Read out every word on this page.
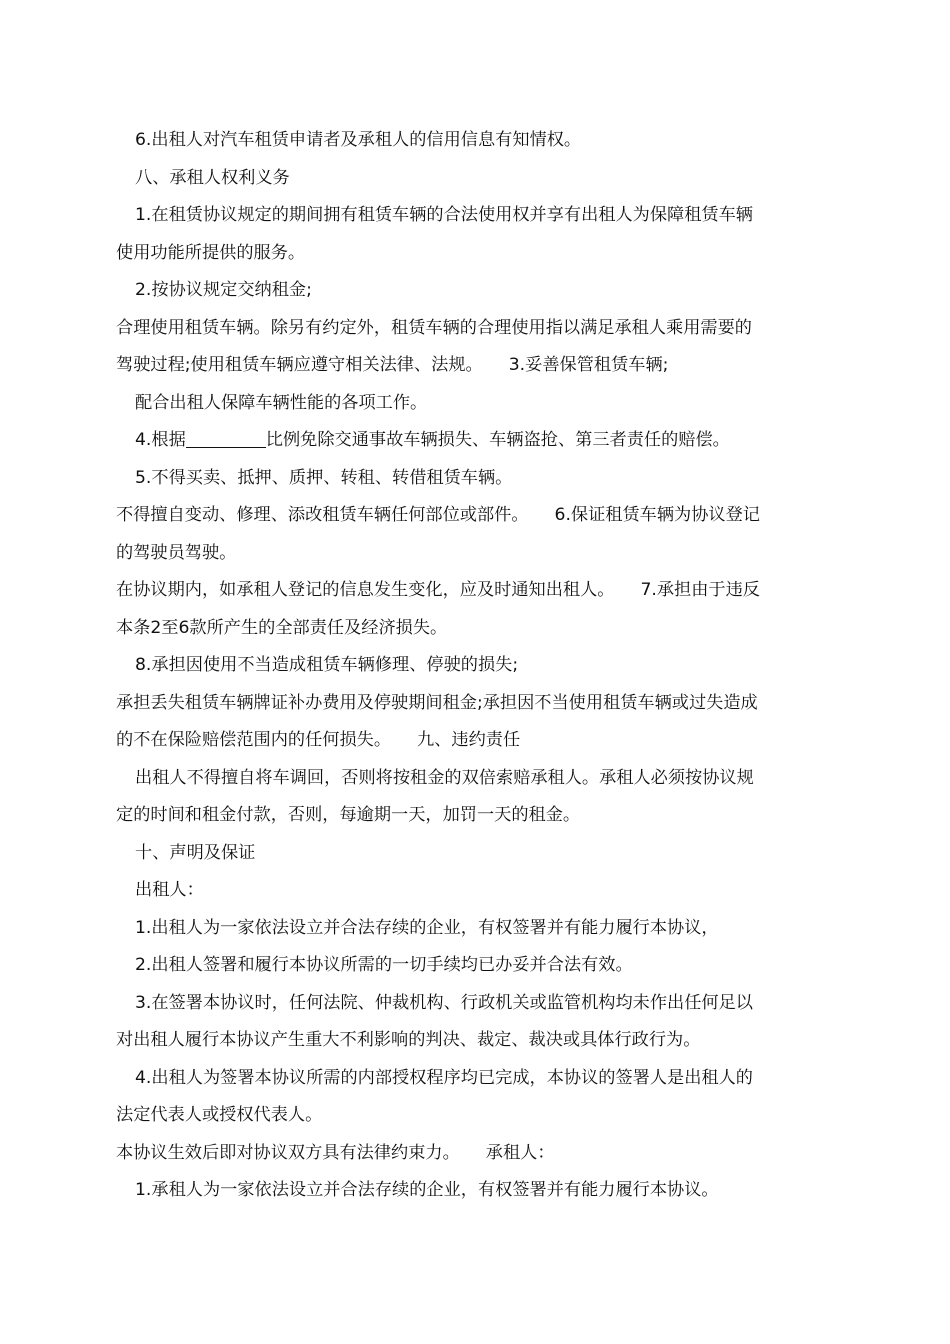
6.出租人对汽车租赁申请者及承租人的信用信息有知情权。

八、承租人权利义务

1.在租赁协议规定的期间拥有租赁车辆的合法使用权并享有出租人为保障租赁车辆

使用功能所提供的服务。

2.按协议规定交纳租金;

合理使用租赁车辆。除另有约定外，租赁车辆的合理使用指以满足承租人乘用需要的

驾驶过程;使用租赁车辆应遵守相关法律、法规。 3.妥善保管租赁车辆;

配合出租人保障车辆性能的各项工作。

4.根据	比例免除交通事故车辆损失、车辆盗抢、第三者责任的赔偿。

5.不得买卖、抵押、质押、转租、转借租赁车辆。

不得擅自变动、修理、添改租赁车辆任何部位或部件。 6.保证租赁车辆为协议登记

的驾驶员驾驶。

在协议期内，如承租人登记的信息发生变化，应及时通知出租人。 7.承担由于违反

本条2至6款所产生的全部责任及经济损失。

8.承担因使用不当造成租赁车辆修理、停驶的损失;

承担丢失租赁车辆牌证补办费用及停驶期间租金;承担因不当使用租赁车辆或过失造成

的不在保险赔偿范围内的任何损失。 九、违约责任

出租人不得擅自将车调回，否则将按租金的双倍索赔承租人。承租人必须按协议规

定的时间和租金付款，否则，每逾期一天，加罚一天的租金。

十、声明及保证

出租人：

1.出租人为一家依法设立并合法存续的企业，有权签署并有能力履行本协议，

2.出租人签署和履行本协议所需的一切手续均已办妥并合法有效。

3.在签署本协议时，任何法院、仲裁机构、行政机关或监管机构均未作出任何足以

对出租人履行本协议产生重大不利影响的判决、裁定、裁决或具体行政行为。

4.出租人为签署本协议所需的内部授权程序均已完成，本协议的签署人是出租人的

法定代表人或授权代表人。

本协议生效后即对协议双方具有法律约束力。 承租人：

1.承租人为一家依法设立并合法存续的企业，有权签署并有能力履行本协议。
